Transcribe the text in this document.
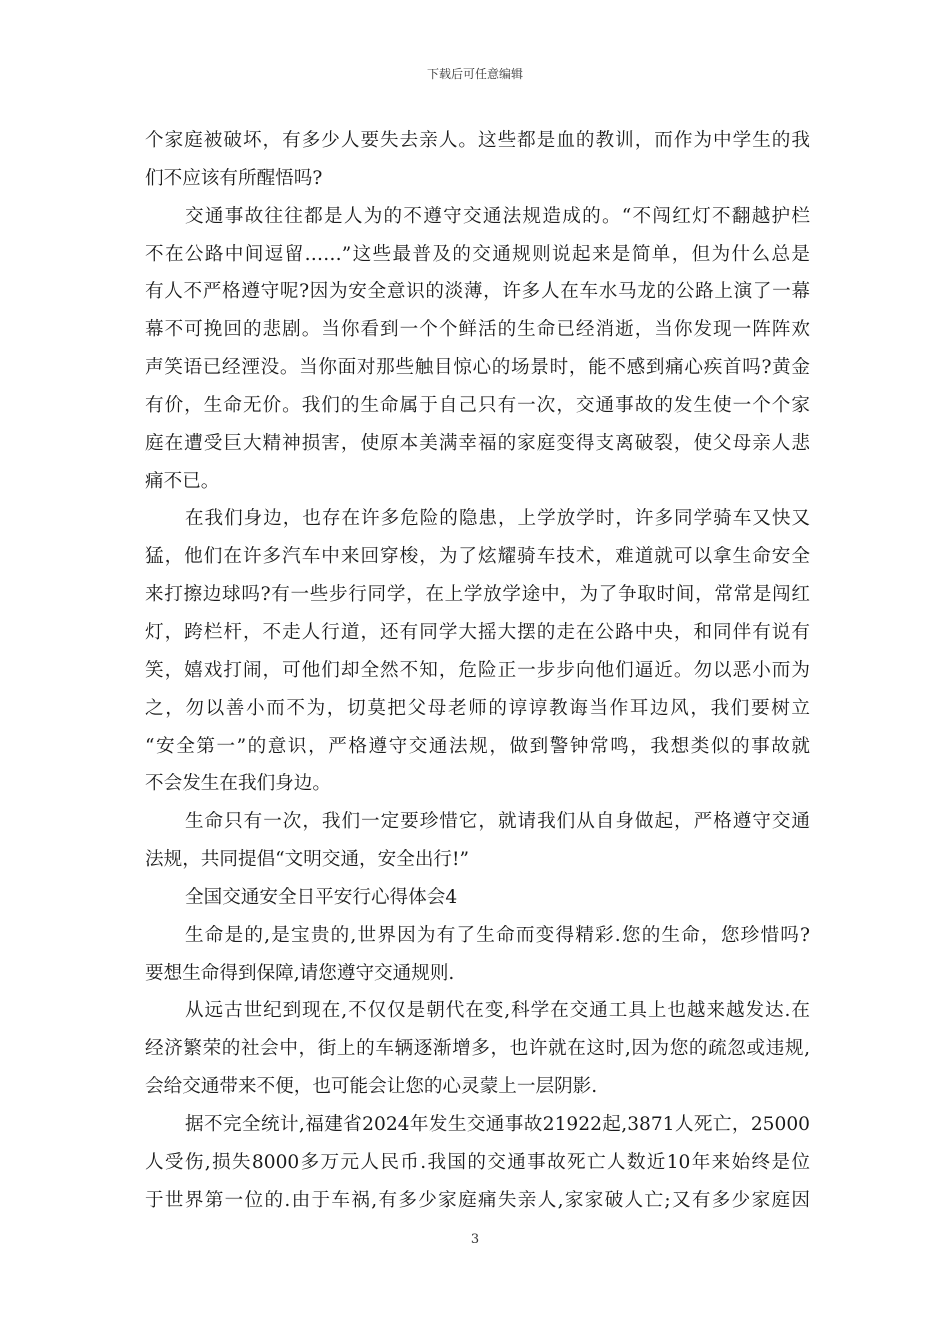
下载后可任意编辑
个家庭被破坏，有多少人要失去亲人。这些都是血的教训，而作为中学生的我
们不应该有所醒悟吗?
交通事故往往都是人为的不遵守交通法规造成的。“不闯红灯不翻越护栏
不在公路中间逗留……”这些最普及的交通规则说起来是简单，但为什么总是
有人不严格遵守呢?因为安全意识的淡薄，许多人在车水马龙的公路上演了一幕
幕不可挽回的悲剧。当你看到一个个鲜活的生命已经消逝，当你发现一阵阵欢
声笑语已经湮没。当你面对那些触目惊心的场景时，能不感到痛心疾首吗?黄金
有价，生命无价。我们的生命属于自己只有一次，交通事故的发生使一个个家
庭在遭受巨大精神损害，使原本美满幸福的家庭变得支离破裂，使父母亲人悲
痛不已。
在我们身边，也存在许多危险的隐患，上学放学时，许多同学骑车又快又
猛，他们在许多汽车中来回穿梭，为了炫耀骑车技术，难道就可以拿生命安全
来打擦边球吗?有一些步行同学，在上学放学途中，为了争取时间，常常是闯红
灯，跨栏杆，不走人行道，还有同学大摇大摆的走在公路中央，和同伴有说有
笑，嬉戏打闹，可他们却全然不知，危险正一步步向他们逼近。勿以恶小而为
之，勿以善小而不为，切莫把父母老师的谆谆教诲当作耳边风，我们要树立
“安全第一”的意识，严格遵守交通法规，做到警钟常鸣，我想类似的事故就
不会发生在我们身边。
生命只有一次，我们一定要珍惜它，就请我们从自身做起，严格遵守交通
法规，共同提倡“文明交通，安全出行!”
全国交通安全日平安行心得体会4
生命是的,是宝贵的,世界因为有了生命而变得精彩.您的生命，您珍惜吗?
要想生命得到保障,请您遵守交通规则.
从远古世纪到现在,不仅仅是朝代在变,科学在交通工具上也越来越发达.在
经济繁荣的社会中，街上的车辆逐渐增多，也许就在这时,因为您的疏忽或违规,
会给交通带来不便，也可能会让您的心灵蒙上一层阴影.
据不完全统计,福建省2024年发生交通事故21922起,3871人死亡，25000
人受伤,损失8000多万元人民币.我国的交通事故死亡人数近10年来始终是位
于世界第一位的.由于车祸,有多少家庭痛失亲人,家家破人亡;又有多少家庭因
3
